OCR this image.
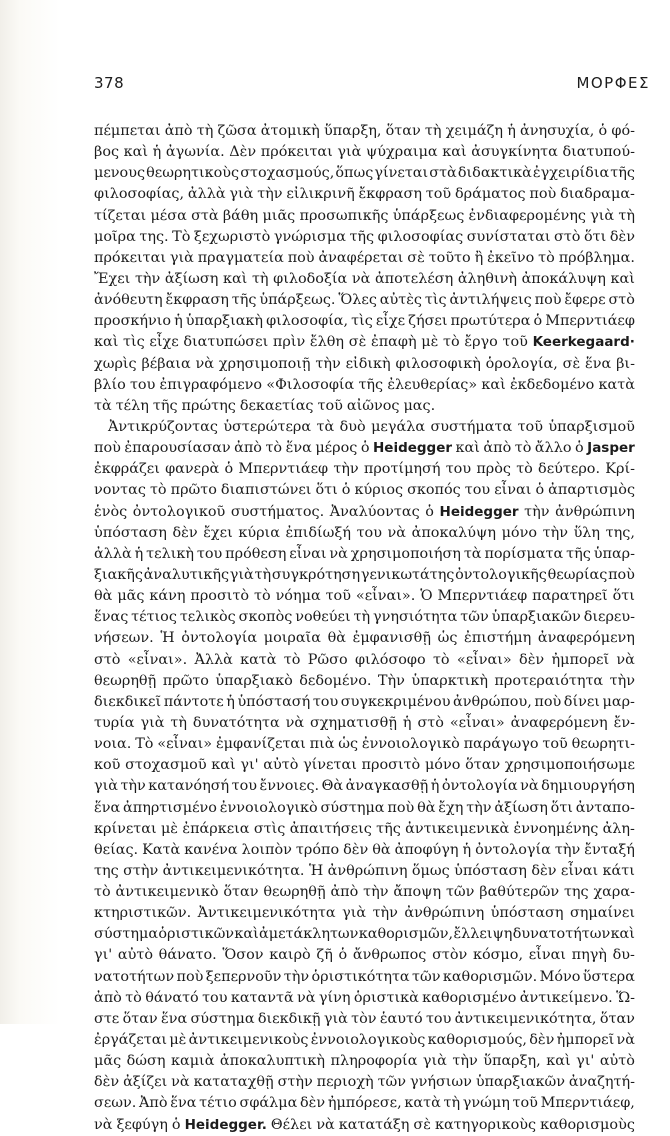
378	ΜΟΡΦΕΣ
πέμπεται ἀπὸ τὴ ζῶσα ἀτομικὴ ὕπαρξη, ὅταν τὴ χειμάζη ἡ ἀνησυχία, ὁ φό-
βος καὶ ἡ ἀγωνία. Δὲν πρόκειται γιὰ ψύχραιμα καὶ ἀσυγκίνητα διατυπού-
μενους θεωρητικοὺς στοχασμούς, ὅπως γίνεται στὰ διδακτικὰ ἐγχειρίδια τῆς
φιλοσοφίας, ἀλλὰ γιὰ τὴν εἰλικρινῆ ἔκφραση τοῦ δράματος ποὺ διαδραμα-
τίζεται μέσα στὰ βάθη μιᾶς προσωπικῆς ὑπάρξεως ἐνδιαφερομένης γιὰ τὴ
μοῖρα της. Τὸ ξεχωριστὸ γνώρισμα τῆς φιλοσοφίας συνίσταται στὸ ὅτι δὲν
πρόκειται γιὰ πραγματεία ποὺ ἀναφέρεται σὲ τοῦτο ἢ ἐκεῖνο τὸ πρόβλημα.
Ἔχει τὴν ἀξίωση καὶ τὴ φιλοδοξία νὰ ἀποτελέση ἀληθινὴ ἀποκάλυψη καὶ
ἀνόθευτη ἔκφραση τῆς ὑπάρξεως. Ὅλες αὐτὲς τὶς ἀντιλήψεις ποὺ ἔφερε στὸ
προσκήνιο ἡ ὑπαρξιακὴ φιλοσοφία, τὶς εἶχε ζήσει πρωτύτερα ὁ Μπερντιάεφ
καὶ τὶς εἶχε διατυπώσει πρὶν ἔλθη σὲ ἐπαφὴ μὲ τὸ ἔργο τοῦ Keerkegaard·
χωρὶς βέβαια νὰ χρησιμοποιῇ τὴν εἰδικὴ φιλοσοφικὴ ὁρολογία, σὲ ἕνα βι-
βλίο του ἐπιγραφόμενο «Φιλοσοφία τῆς ἐλευθερίας» καὶ ἐκδεδομένο κατὰ
τὰ τέλη τῆς πρώτης δεκαετίας τοῦ αἰῶνος μας.
Ἀντικρύζοντας ὑστερώτερα τὰ δυὸ μεγάλα συστήματα τοῦ ὑπαρξισμοῦ
ποὺ ἐπαρουσίασαν ἀπὸ τὸ ἕνα μέρος ὁ Heidegger καὶ ἀπὸ τὸ ἄλλο ὁ Jasper
ἐκφράζει φανερὰ ὁ Μπερντιάεφ τὴν προτίμησή του πρὸς τὸ δεύτερο. Κρί-
νοντας τὸ πρῶτο διαπιστώνει ὅτι ὁ κύριος σκοπός του εἶναι ὁ ἀπαρτισμὸς
ἑνὸς ὀντολογικοῦ συστήματος. Ἀναλύοντας ὁ Heidegger τὴν ἀνθρώπινη
ὑπόσταση δὲν ἔχει κύρια ἐπιδίωξή του νὰ ἀποκαλύψη μόνο τὴν ὕλη της,
ἀλλὰ ἡ τελικὴ του πρόθεση εἶναι νὰ χρησιμοποιήση τὰ πορίσματα τῆς ὑπαρ-
ξιακῆς ἀναλυτικῆς γιὰ τὴ συγκρότηση γενικωτάτης ὀντολογικῆς θεωρίας ποὺ
θὰ μᾶς κάνη προσιτὸ τὸ νόημα τοῦ «εἶναι». Ὁ Μπερντιάεφ παρατηρεῖ ὅτι
ἕνας τέτιος τελικὸς σκοπὸς νοθεύει τὴ γνησιότητα τῶν ὑπαρξιακῶν διερευ-
νήσεων. Ἡ ὀντολογία μοιραῖα θὰ ἐμφανισθῇ ὡς ἐπιστήμη ἀναφερόμενη
στὸ «εἶναι». Ἀλλὰ κατὰ τὸ Ρῶσο φιλόσοφο τὸ «εἶναι» δὲν ἠμπορεῖ νὰ
θεωρηθῇ πρῶτο ὑπαρξιακὸ δεδομένο. Τὴν ὑπαρκτικὴ προτεραιότητα τὴν
διεκδικεῖ πάντοτε ἡ ὑπόστασή του συγκεκριμένου ἀνθρώπου, ποὺ δίνει μαρ-
τυρία γιὰ τὴ δυνατότητα νὰ σχηματισθῇ ἡ στὸ «εἶναι» ἀναφερόμενη ἔν-
νοια. Τὸ «εἶναι» ἐμφανίζεται πιὰ ὡς ἐννοιολογικὸ παράγωγο τοῦ θεωρητι-
κοῦ στοχασμοῦ καὶ γι' αὐτὸ γίνεται προσιτὸ μόνο ὅταν χρησιμοποιήσωμε
γιὰ τὴν κατανόησή του ἔννοιες. Θὰ ἀναγκασθῇ ἡ ὀντολογία νὰ δημιουργήση
ἕνα ἀπηρτισμένο ἐννοιολογικὸ σύστημα ποὺ θὰ ἔχη τὴν ἀξίωση ὅτι ἀνταπο-
κρίνεται μὲ ἐπάρκεια στὶς ἀπαιτήσεις τῆς ἀντικειμενικὰ ἐννοημένης ἀλη-
θείας. Κατὰ κανένα λοιπὸν τρόπο δὲν θὰ ἀποφύγη ἡ ὀντολογία τὴν ἔνταξή
της στὴν ἀντικειμενικότητα. Ἡ ἀνθρώπινη ὅμως ὑπόσταση δὲν εἶναι κάτι
τὸ ἀντικειμενικὸ ὅταν θεωρηθῇ ἀπὸ τὴν ἄποψη τῶν βαθύτερῶν της χαρα-
κτηριστικῶν. Ἀντικειμενικότητα γιὰ τὴν ἀνθρώπινη ὑπόσταση σημαίνει
σύστημα ὁριστικῶν καὶ ἀμετάκλητων καθορισμῶν, ἔλλειψη δυνατοτήτων καὶ
γι' αὐτὸ θάνατο. Ὅσον καιρὸ ζῆ ὁ ἄνθρωπος στὸν κόσμο, εἶναι πηγὴ δυ-
νατοτήτων ποὺ ξεπερνοῦν τὴν ὁριστικότητα τῶν καθορισμῶν. Μόνο ὕστερα
ἀπὸ τὸ θάνατό του καταντᾶ νὰ γίνη ὁριστικὰ καθορισμένο ἀντικείμενο. Ὥ-
στε ὅταν ἕνα σύστημα διεκδικῇ γιὰ τὸν ἑαυτό του ἀντικειμενικότητα, ὅταν
ἐργάζεται μὲ ἀντικειμενικοὺς ἐννοιολογικοὺς καθορισμούς, δὲν ἠμπορεῖ νὰ
μᾶς δώση καμιὰ ἀποκαλυπτικὴ πληροφορία γιὰ τὴν ὕπαρξη, καὶ γι' αὐτὸ
δὲν ἀξίζει νὰ καταταχθῇ στὴν περιοχὴ τῶν γνήσιων ὑπαρξιακῶν ἀναζητή-
σεων. Ἀπὸ ἕνα τέτιο σφάλμα δὲν ἠμπόρεσε, κατὰ τὴ γνώμη τοῦ Μπερντιάεφ,
νὰ ξεφύγη ὁ Heidegger. Θέλει νὰ κατατάξη σὲ κατηγορικοὺς καθορισμοὺς
